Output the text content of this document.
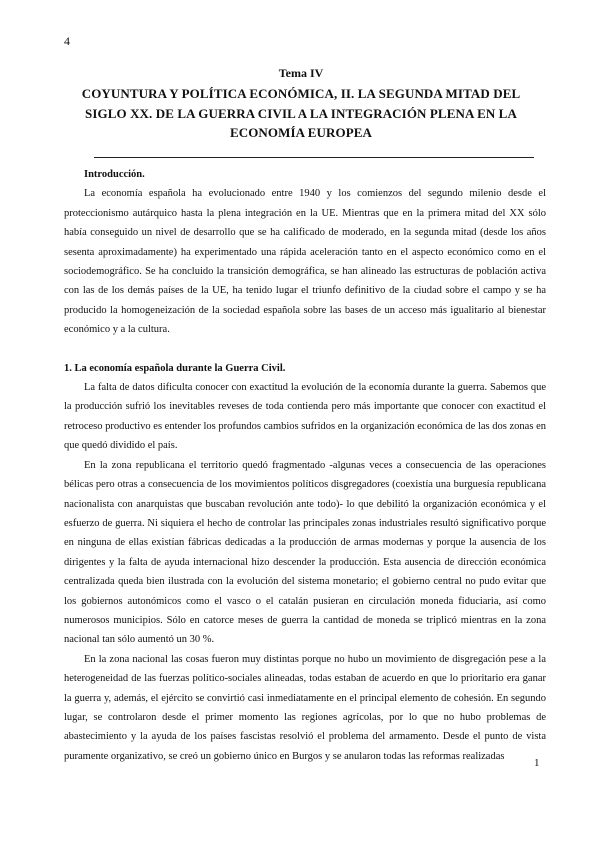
4
Tema IV
COYUNTURA Y POLÍTICA ECONÓMICA, II. LA SEGUNDA MITAD DEL SIGLO XX. DE LA GUERRA CIVIL A LA INTEGRACIÓN PLENA EN LA ECONOMÍA EUROPEA
Introducción.

La economía española ha evolucionado entre 1940 y los comienzos del segundo milenio desde el proteccionismo autárquico hasta la plena integración en la UE. Mientras que en la primera mitad del XX sólo había conseguido un nivel de desarrollo que se ha calificado de moderado, en la segunda mitad (desde los años sesenta aproximadamente) ha experimentado una rápida aceleración tanto en el aspecto económico como en el sociodemográfico. Se ha concluido la transición demográfica, se han alineado las estructuras de población activa con las de los demás países de la UE, ha tenido lugar el triunfo definitivo de la ciudad sobre el campo y se ha producido la homogeneización de la sociedad española sobre las bases de un acceso más igualitario al bienestar económico y a la cultura.

1. La economía española durante la Guerra Civil.

La falta de datos dificulta conocer con exactitud la evolución de la economía durante la guerra. Sabemos que la producción sufrió los inevitables reveses de toda contienda pero más importante que conocer con exactitud el retroceso productivo es entender los profundos cambios sufridos en la organización económica de las dos zonas en que quedó dividido el país.

En la zona republicana el territorio quedó fragmentado -algunas veces a consecuencia de las operaciones bélicas pero otras a consecuencia de los movimientos políticos disgregadores (coexistía una burguesía republicana nacionalista con anarquistas que buscaban revolución ante todo)- lo que debilitó la organización económica y el esfuerzo de guerra. Ni siquiera el hecho de controlar las principales zonas industriales resultó significativo porque en ninguna de ellas existían fábricas dedicadas a la producción de armas modernas y porque la ausencia de los dirigentes y la falta de ayuda internacional hizo descender la producción. Esta ausencia de dirección económica centralizada queda bien ilustrada con la evolución del sistema monetario; el gobierno central no pudo evitar que los gobiernos autonómicos como el vasco o el catalán pusieran en circulación moneda fiduciaria, así como numerosos municipios. Sólo en catorce meses de guerra la cantidad de moneda se triplicó mientras en la zona nacional tan sólo aumentó un 30 %.

En la zona nacional las cosas fueron muy distintas porque no hubo un movimiento de disgregación pese a la heterogeneidad de las fuerzas político-sociales alineadas, todas estaban de acuerdo en que lo prioritario era ganar la guerra y, además, el ejército se convirtió casi inmediatamente en el principal elemento de cohesión. En segundo lugar, se controlaron desde el primer momento las regiones agrícolas, por lo que no hubo problemas de abastecimiento y la ayuda de los países fascistas resolvió el problema del armamento. Desde el punto de vista puramente organizativo, se creó un gobierno único en Burgos y se anularon todas las reformas realizadas

1
